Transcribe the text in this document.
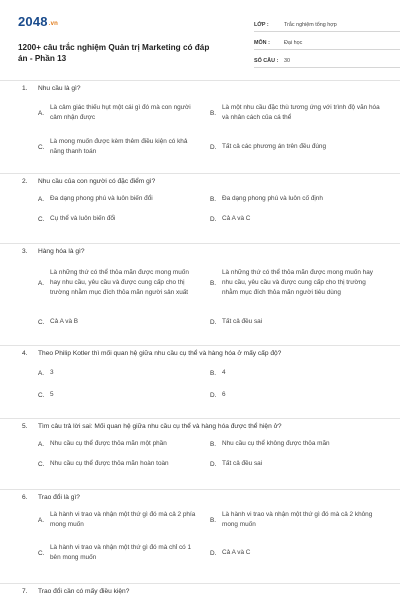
2048.vn
1200+ câu trắc nghiệm Quản trị Marketing có đáp án - Phần 13
LỚP :	Trắc nghiệm tổng hợp
MÔN :	Đại học
SỐ CÂU :	30
1. Nhu cầu là gì?
A.
Là cảm giác thiếu hụt một cái gì đó mà con người cảm nhận được
B.
Là một nhu cầu đặc thù tương ứng với trình độ văn hóa và nhân cách của cá thể
C.
Là mong muốn được kèm thêm điều kiện có khả năng thanh toán
D. Tất cả các phương án trên đều đúng
2. Nhu cầu của con người có đặc điểm gì?
A. Đa dạng phong phú và luôn biến đổi	B. Đa dạng phong phú và luôn cố định
C. Cụ thể và luôn biến đổi	D. Cả A và C
3. Hàng hóa là gì?
A.
Là những thứ có thể thỏa mãn được mong muốn hay nhu cầu, yêu cầu và được cung cấp cho thị trường nhằm mục đích thỏa mãn người sản xuất
B.
Là những thứ có thể thỏa mãn được mong muốn hay nhu cầu, yêu cầu và được cung cấp cho thị trường nhằm mục đích thỏa mãn người tiêu dùng
C. Cả A và B	D. Tất cả đều sai
4. Theo Philip Kotler thì mối quan hệ giữa nhu cầu cụ thể và hàng hóa ở mấy cấp độ?
A. 3	B. 4
C. 5	D. 6
5. Tìm câu trả lời sai: Mối quan hệ giữa nhu cầu cụ thể và hàng hóa được thể hiện ở?
A. Nhu cầu cụ thể được thỏa mãn một phần	B. Nhu cầu cụ thể không được thỏa mãn
C. Nhu cầu cụ thể được thỏa mãn hoàn toàn	D. Tất cả đều sai
6. Trao đổi là gì?
A.
Là hành vi trao và nhận một thứ gì đó mà cả 2 phía mong muốn
B.
Là hành vi trao và nhận một thứ gì đó mà cả 2 không mong muốn
C.
Là hành vi trao và nhận một thứ gì đó mà chỉ có 1 bên mong muốn
D. Cả A và C
7. Trao đổi cần có mấy điều kiện?
